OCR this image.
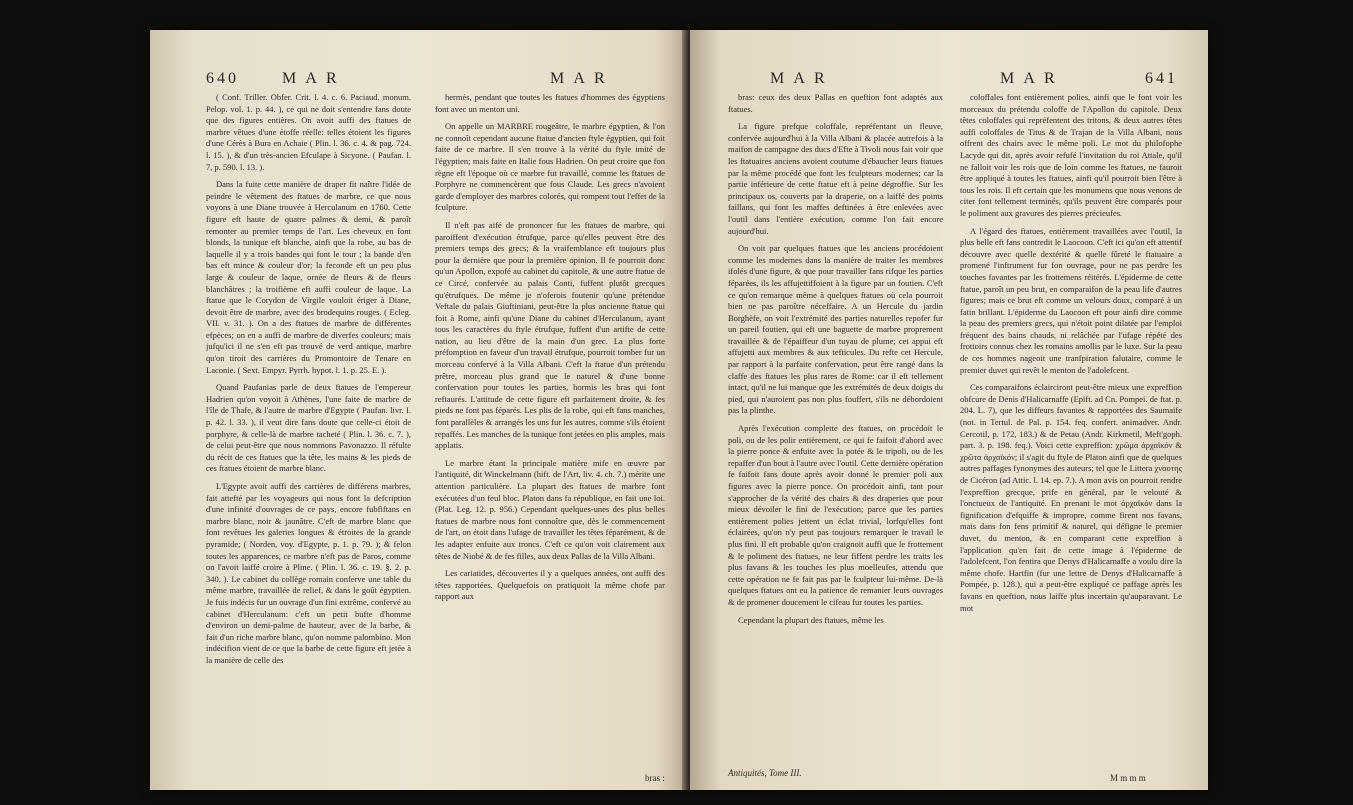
640	M A R	M A R

( Conf. Triller. Obfer. Crit. l. 4. c. 6. Paciaud. monum. Pelop. vol. 1. p. 44. ), ce qui ne doit s'entendre fans doute que des figures entières. On avoit auffi des ftatues de marbre vêtues d'une étoffe réelle: telles étoient les figures d'une Cérès à Bura en Achaie ( Plin. l. 36. c. 4. & pag. 724. l. 15. ), & d'un très-ancien Efculape à Sicyone. ( Paufan. l. 7, p. 590. l. 13. ).

Dans la fuite cette manière de draper fit naître l'idée de peindre le vêtement des ftatues de marbre, ce que nous voyons à une Diane trouvée à Herculanum en 1760. Cette figure eft haute de quatre palmes & demi, & paroît remonter au premier temps de l'art. Les cheveux en font blonds, la tunique eft blanche, ainfi que la robe, au bas de laquelle il y a trois bandes qui font le tour ; la bande d'en bas eft mince & couleur d'or; la feconde eft un peu plus large & couleur de laque, ornée de fleurs & de fleurs blanchâtres ; la troifième eft auffi couleur de laque. La ftatue que le Corydon de Virgile vouloit ériger à Diane, devoit être de marbre, avec des brodequins rouges. ( Ecleg. VII. v. 31. ). On a des ftatues de marbre de différentes efpèces; on en a auffi de marbre de diverfes couleurs; mais jufqu'ici il ne s'en eft pas trouvé de verd antique, marbre qu'on tiroit des carrières du Promontoire de Tenare en Laconie. ( Sext. Empyr. Pyrrh. hypot. l. 1. p. 25. E. ).

Quand Paufanias parle de deux ftatues de l'empereur Hadrien qu'on voyoit à Athènes, l'une faite de marbre de l'île de Thafe, & l'autre de marbre d'Egypte ( Paufan. livr. I. p. 42. l. 33. ), il veut dire fans doute que celle-ci étoit de porphyre, & celle-là de marbre tacheté ( Plin. l. 36. c. 7. ), de celui peut-être que nous nommons Pavonazzo. Il réfulte du récit de ces ftatues que la tête, les mains & les pieds de ces ftatues étoient de marbre blanc.

L'Egypte avoit auffi des carrières de différens marbres, fait attefté par les voyageurs qui nous font la defcription d'une infinité d'ouvrages de ce pays, encore fubfiftans en marbre blanc, noir & jaunâtre. C'eft de marbre blanc que font revêtues les galeries longues & étroites de la grande pyramide; ( Norden, voy. d'Egypte, p. 1. p. 79. ); & felon toutes les apparences, ce marbre n'eft pas de Paros, comme on l'avoit laiffé croire à Pline. ( Plin. l. 36. c. 19. §. 2. p. 340. ). Le cabinet du collège romain conferve une table du même marbre, travaillée de relief, & dans le goût égyptien. Je fuis indécis fur un ouvrage d'un fini extrême, confervé au cabinet d'Herculanum: c'eft un petit bufte d'homme d'environ un demi-palme de hauteur, avec de la barbe, & fait d'un riche marbre blanc, qu'on nomme palombino. Mon indécifion vient de ce que la barbe de cette figure eft jetée à la manière de celle des

hermès, pendant que toutes les ftatues d'hommes des égyptiens font avec un menton uni.

On appelle un MARBRE rougeâtre, le marbre égyptien, & l'on ne connoît cependant aucune ftatue d'ancien ftyle égyptien, qui foit faite de ce marbre. Il s'en trouve à la vérité du ftyle imité de l'égyptien; mais faite en Italie fous Hadrien. On peut croire que fon règne eft l'époque où ce marbre fut travaillé, comme les ftatues de Porphyre ne commencèrent que fous Claude. Les grecs n'avoient garde d'employer des marbres colorés, qui rompent tout l'effet de la fculpture.

Il n'eft pas aifé de prononcer fur les ftatues de marbre, qui paroiffent d'exécution étrufque, parce qu'elles peuvent être des premiers temps des grecs; & la vraifemblance eft toujours plus pour la dernière que pour la première opinion. Il fe pourroit donc qu'un Apollon, expofé au cabinet du capitole, & une autre ftatue de ce Circé, confervée au palais Conti, fuffent plutôt grecques qu'étrufques. De même je n'oferois foutenir qu'une prétendue Veftale du palais Giuftiniani, peut-être la plus ancienne ftatue qui foit à Rome, ainfi qu'une Diane du cabinet d'Herculanum, ayant tous les caractères du ftyle étrufque, fuffent d'un artifte de cette nation, au lieu d'être de la main d'un grec. La plus forte préfomption en faveur d'un travail étrufque, pourroit tomber fur un morceau confervé à la Villa Albani. C'eft la ftatue d'un prétendu prêtre, morceau plus grand que le naturel & d'une bonne confervation pour toutes les parties, hormis les bras qui font reftaurés. L'attitude de cette figure eft parfaitement droite, & fes pieds ne font pas féparés. Les plis de la robe, qui eft fans manches, font parallèles & arrangés les uns fur les autres, comme s'ils étoient repaffés. Les manches de la tunique font jetées en plis amples, mais applatis.

Le marbre étant la principale matière mife en œuvre par l'antiquité, dit Winckelmann (hift. de l'Art, liv. 4. ch. 7.) mérite une attention particulière. La plupart des ftatues de marbre font exécutées d'un feul bloc. Platon dans fa république, en fait une loi. (Plat. Leg. 12. p. 956.) Cependant quelques-unes des plus belles ftatues de marbre nous font connoître que, dès le commencement de l'art, on étoit dans l'ufage de travailler les têtes féparément, & de les adapter enfuite aux troncs. C'eft ce qu'on voit clairement aux têtes de Niobé & de fes filles, aux deux Pallas de la Villa Albani.

Les cariatides, découvertes il y a quelques années, ont auffi des têtes rapportées. Quelquefois on pratiquoit la même chofe par rapport aux

bras :
M A R	M A R	641

bras: ceux des deux Pallas en queftion font adaptés aux ftatues.

La figure prefque coloffale, repréfentant un fleuve, confervée aujourd'hui à la Villa Albani & placée autrefois à la maifon de campagne des ducs d'Efte à Tivoli nous fait voir que les ftatuaires anciens avoient coutume d'ébaucher leurs ftatues par la même procédé que font les fculpteurs modernes; car la partie inférieure de cette ftatue eft à peine dégroffie. Sur les principaux os, couverts par la draperie, on a laiffé des points faillans, qui font les maffes deftinées à être enlevées avec l'outil dans l'entière exécution, comme l'on fait encore aujourd'hui.

On voit par quelques ftatues que les anciens procédoient comme les modernes dans la manière de traiter les membres ifolés d'une figure, & que pour travailler fans rifque les parties féparées, ils les affujettiffoient à la figure par un foutien. C'eft ce qu'on remarque même à quelques ftatues où cela pourroit bien ne pas paroître néceffaire. A un Hercule du jardin Borghèfe, on voit l'extrémité des parties naturelles repofer fur un pareil foutien, qui eft une baguette de marbre proprement travaillée & de l'épaiffeur d'un tuyau de plume; cet appui eft affujetti aux membres & aux tefticules. Du refte cet Hercule, par rapport à la parfaite confervation, peut être rangé dans la claffe des ftatues les plus rares de Rome: car il eft tellement intact, qu'il ne lui manque que les extrémités de deux doigts du pied, qui n'auroient pas non plus fouffert, s'ils ne débordoient pas la plinthe.

Après l'exécution complette des ftatues, on procédoit le poli, ou de les polir entièrement, ce qui fe faifoit d'abord avec la pierre ponce & enfuite avec la potée & le tripoli, ou de les repaffer d'un bout à l'autre avec l'outil. Cette dernière opération fe faifoit fans doute après avoir donné le premier poli aux figures avec la pierre ponce. On procédoit ainfi, tant pour s'approcher de la vérité des chairs & des draperies que pour mieux dévoiler le fini de l'exécution; parce que les parties entièrement polies jettent un éclat trivial, lorfqu'elles font éclairées, qu'on n'y peut pas toujours remarquer le travail le plus fini. Il eft probable qu'on craignoit auffi que le frottement & le poliment des ftatues, ne leur fiffent perdre les traits les plus favans & les touches les plus moelleufes, attendu que cette opération ne fe fait pas par le fculpteur lui-même. De-là quelques ftatues ont eu la patience de remanier leurs ouvrages & de promener doucement le cifeau fur toutes les parties.

Cependant la plupart des ftatues, même les

coloffales font entièrement polies, ainfi que le font voir les morceaux du prétendu coloffe de l'Apollon du capitole. Deux têtes coloffales qui repréfentent des tritons, & deux autres têtes auffi coloffales de Titus & de Trajan de la Villa Albani, nous offrent des chairs avec le même poli. Le mot du philofophe Lacyde qui dit, après avoir refufé l'invitation du roi Attale, qu'il ne falloit voir les rois que de loin comme les ftatues, ne fauroit être appliqué à toutes les ftatues, ainfi qu'il pourroit bien l'être à tous les rois. Il eft certain que les monumens que nous venons de citer font tellement terminés, qu'ils peuvent être comparés pour le poliment aux gravures des pierres précieufes.

A l'égard des ftatues, entièrement travaillées avec l'outil, la plus belle eft fans contredit le Laocoon. C'eft ici qu'on eft attentif découvre avec quelle dextérité & quelle fûreté le ftatuaire a promené l'inftrument fur fon ouvrage, pour ne pas perdre les touches favantes par les frottemens réitérés. L'épiderme de cette ftatue, paroît un peu brut, en comparaifon de la peau life d'autres figures; mais ce brut eft comme un velours doux, comparé à un fatin brillant. L'épiderme du Laocoon eft pour ainfi dire comme la peau des premiers grecs, qui n'étoit point dilatée par l'emploi fréquent des bains chauds, ni relâchée par l'ufage répété des frottoirs connus chez les romains amollis par le luxe. Sur la peau de ces hommes nageoit une tranfpiration falutaire, comme le premier duvet qui revêt le menton de l'adolefcent.

Ces comparaifons éclairciront peut-être mieux une expreffion obfcure de Denis d'Halicarnaffe (Epift. ad Cn. Pompei. de ftat. p. 204. L. 7), que les diffeurs favantes & rapportées des Saumaife (not. in Tertul. de Pal. p. 154. feq. confert. animadver. Andr. Cercotil, p. 172, 183.) & de Petau (Andr. Kirkmetil, Meft'goph. part. 3. p. 198. feq.). Voici cette expreffion: χρῶμα ἀρχαϊκόν & χρῶτα ἀρχαϊκόν; il s'agit du ftyle de Platon ainfi que de quelques autres paffages fynonymes des auteurs; tel que le Littera χναοτης de Cicéron (ad Attic. l. 14. ep. 7.). A mon avis on pourroit rendre l'expreffion grecque, prife en général, par le velouté & l'onctueux de l'antiquité. En prenant le mot ἀρχαϊκόν dans la fignification d'efquiffe & impropre, comme firent nos favans, mais dans fon fens primitif & naturel, qui défigne le premier duvet, du menton, & en comparant cette expreffion à l'application qu'en fait de cette image à l'épiderme de l'adolefcent, l'on fentira que Denys d'Halicarnaffe a voulu dire la même chofe. Hartfin (fur une lettre de Denys d'Halicarnaffe à Pompée, p. 128.), qui a peut-être expliqué ce paffage après les favans en queftion, nous laiffe plus incertain qu'auparavant. Le mot

Antiquités, Tome III.	M m m m
